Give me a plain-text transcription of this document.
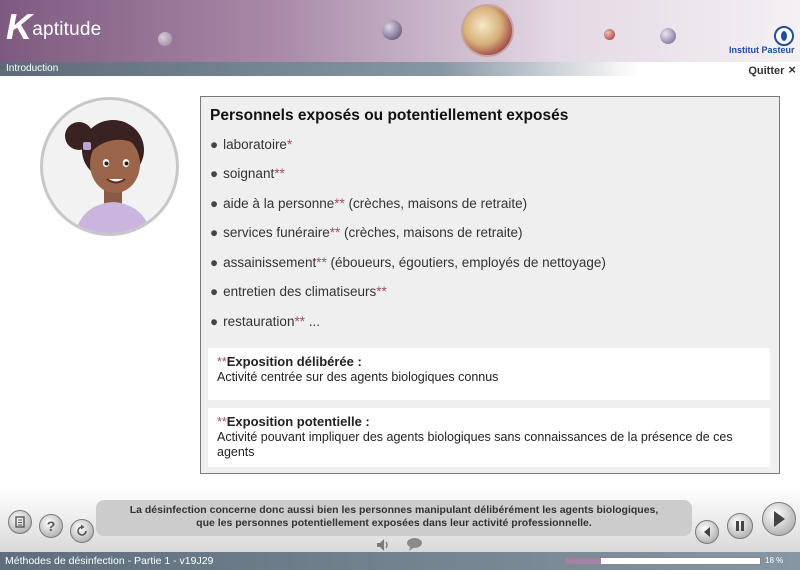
Kaptitude
Institut Pasteur
Introduction	Quitter ×
Personnels exposés ou potentiellement exposés
● laboratoire*
● soignant**
● aide à la personne** (crèches, maisons de retraite)
● services funéraire** (crèches, maisons de retraite)
● assainissement** (éboueurs, égoutiers, employés de nettoyage)
● entretien des climatiseurs**
● restauration** ...
**Exposition délibérée :
Activité centrée sur des agents biologiques connus
**Exposition potentielle :
Activité pouvant impliquer des agents biologiques sans connaissances de la présence de ces agents
La désinfection concerne donc aussi bien les personnes manipulant délibérément les agents biologiques,
que les personnes potentiellement exposées dans leur activité professionnelle.
?
Méthodes de désinfection - Partie 1 - v19J29	18 %
